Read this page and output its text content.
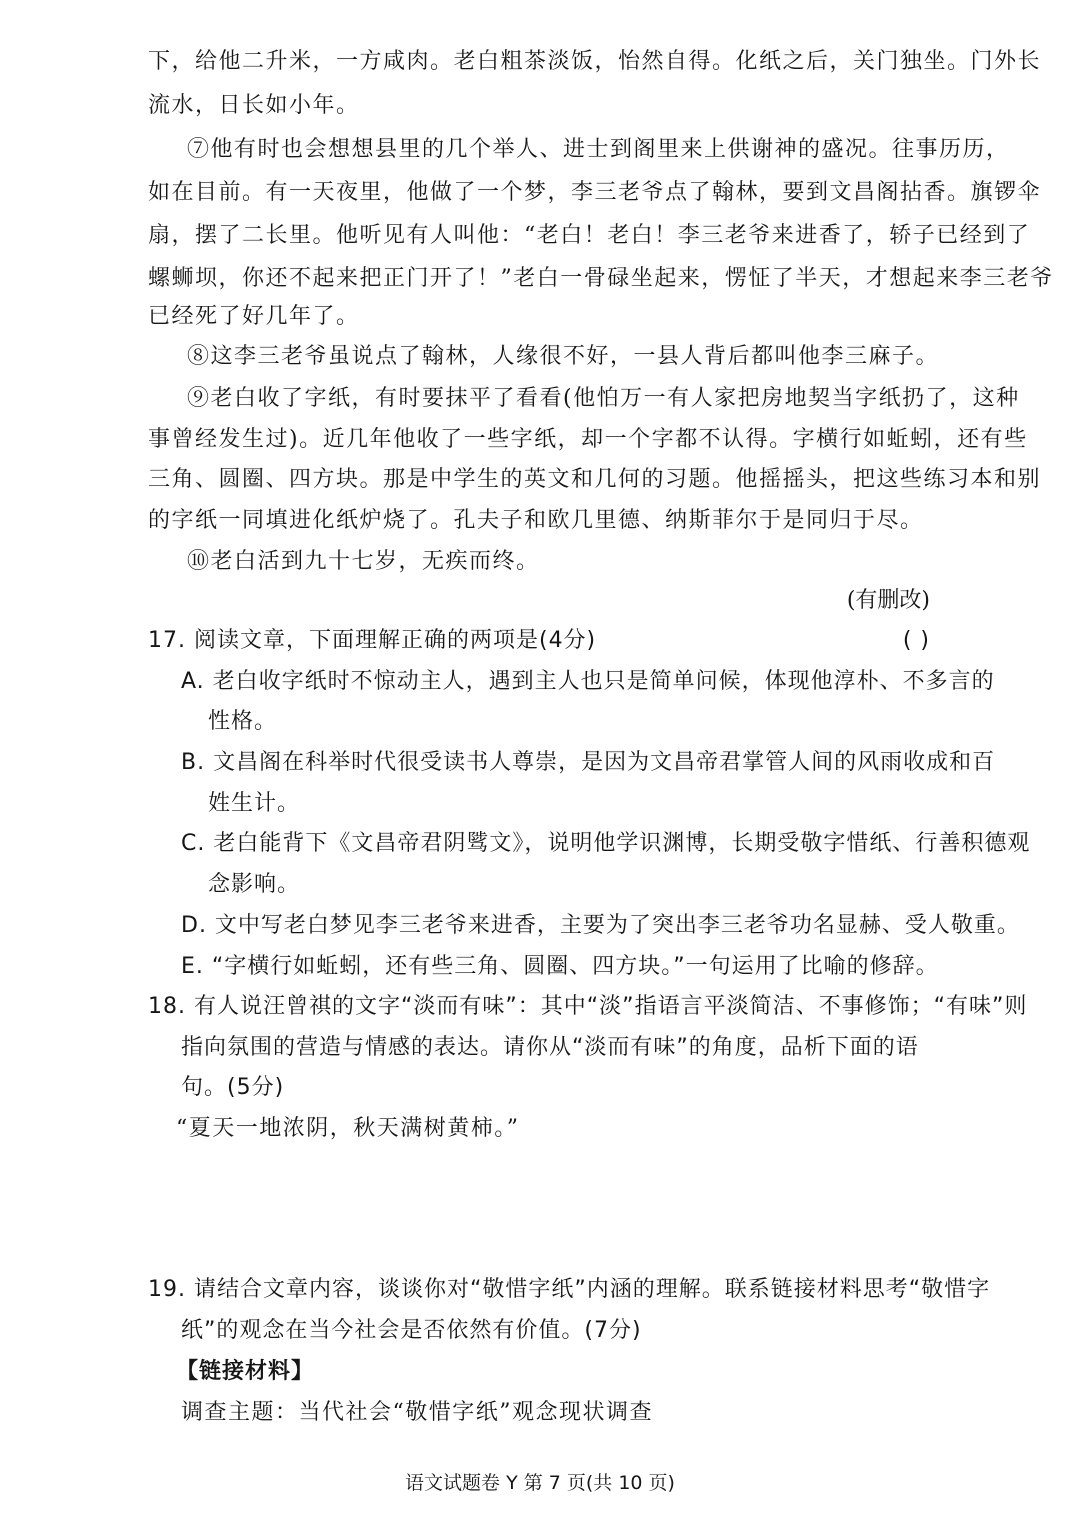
下，给他二升米，一方咸肉。老白粗茶淡饭，怡然自得。化纸之后，关门独坐。门外长
流水，日长如小年。
⑦他有时也会想想县里的几个举人、进士到阁里来上供谢神的盛况。往事历历，
如在目前。有一天夜里，他做了一个梦，李三老爷点了翰林，要到文昌阁拈香。旗锣伞
扇，摆了二长里。他听见有人叫他：“老白！老白！李三老爷来进香了，轿子已经到了
螺蛳坝，你还不起来把正门开了！”老白一骨碌坐起来，愣怔了半天，才想起来李三老爷
已经死了好几年了。
⑧这李三老爷虽说点了翰林，人缘很不好，一县人背后都叫他李三麻子。
⑨老白收了字纸，有时要抹平了看看(他怕万一有人家把房地契当字纸扔了，这种
事曾经发生过)。近几年他收了一些字纸，却一个字都不认得。字横行如蚯蚓，还有些
三角、圆圈、四方块。那是中学生的英文和几何的习题。他摇摇头，把这些练习本和别
的字纸一同填进化纸炉烧了。孔夫子和欧几里德、纳斯菲尔于是同归于尽。
⑩老白活到九十七岁，无疾而终。
(有删改)
17. 阅读文章，下面理解正确的两项是(4分)	( )
A. 老白收字纸时不惊动主人，遇到主人也只是简单问候，体现他淳朴、不多言的
性格。
B. 文昌阁在科举时代很受读书人尊崇，是因为文昌帝君掌管人间的风雨收成和百
姓生计。
C. 老白能背下《文昌帝君阴骘文》，说明他学识渊博，长期受敬字惜纸、行善积德观
念影响。
D. 文中写老白梦见李三老爷来进香，主要为了突出李三老爷功名显赫、受人敬重。
E. “字横行如蚯蚓，还有些三角、圆圈、四方块。”一句运用了比喻的修辞。
18. 有人说汪曾祺的文字“淡而有味”：其中“淡”指语言平淡简洁、不事修饰；“有味”则
指向氛围的营造与情感的表达。请你从“淡而有味”的角度，品析下面的语
句。(5分)
“夏天一地浓阴，秋天满树黄柿。”
19. 请结合文章内容，谈谈你对“敬惜字纸”内涵的理解。联系链接材料思考“敬惜字
纸”的观念在当今社会是否依然有价值。(7分)
【链接材料】
调查主题：当代社会“敬惜字纸”观念现状调查
语文试题卷 Y 第 7 页(共 10 页)
